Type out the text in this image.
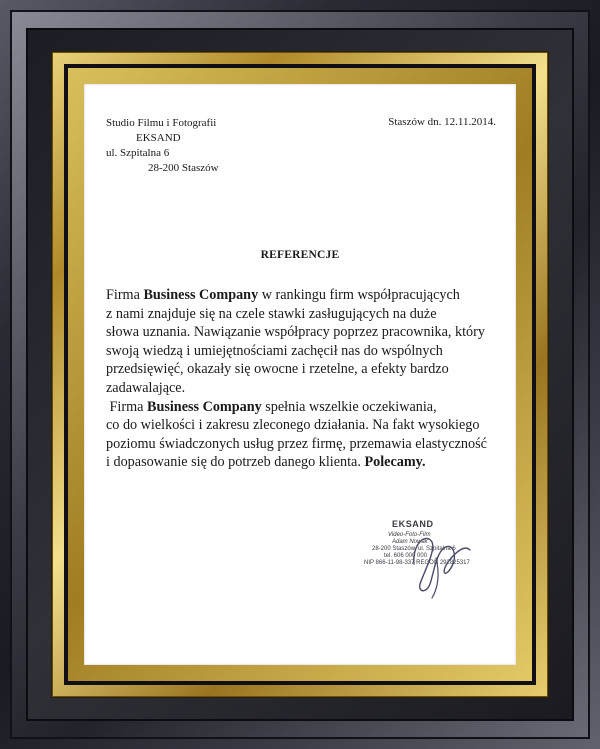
Studio Filmu i Fotografii
EKSAND
ul. Szpitalna 6
28-200 Staszów
Staszów dn. 12.11.2014.
REFERENCJE
Firma Business Company w rankingu firm współpracujących
z nami znajduje się na czele stawki zasługujących na duże
słowa uznania. Nawiązanie współpracy poprzez pracownika, który
swoją wiedzą i umiejętnościami zachęcił nas do wspólnych
przedsięwięć, okazały się owocne i rzetelne, a efekty bardzo
zadawalające.
Firma Business Company spełnia wszelkie oczekiwania,
co do wielkości i zakresu zleconego działania. Na fakt wysokiego
poziomu świadczonych usług przez firmę, przemawia elastyczność
i dopasowanie się do potrzeb danego klienta. Polecamy.
EKSAND
Video-Foto-Film
Adam Nowak
28-200 Staszów, ul. Szpitalna 6
tel. 606 000 000
NIP 866-11-98-337 REGON 292825317
